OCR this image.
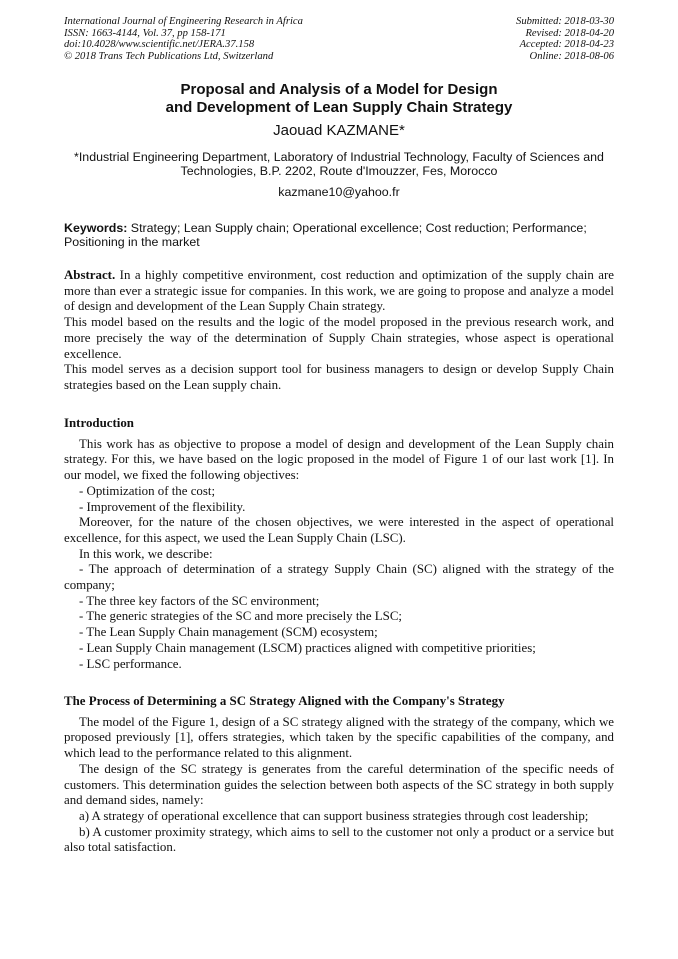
International Journal of Engineering Research in Africa
ISSN: 1663-4144, Vol. 37, pp 158-171
doi:10.4028/www.scientific.net/JERA.37.158
© 2018 Trans Tech Publications Ltd, Switzerland
Submitted: 2018-03-30
Revised: 2018-04-20
Accepted: 2018-04-23
Online: 2018-08-06
Proposal and Analysis of a Model for Design
and Development of Lean Supply Chain Strategy
Jaouad KAZMANE*
*Industrial Engineering Department, Laboratory of Industrial Technology, Faculty of Sciences and
Technologies, B.P. 2202, Route d'Imouzzer, Fes, Morocco
kazmane10@yahoo.fr
Keywords: Strategy; Lean Supply chain; Operational excellence; Cost reduction; Performance; Positioning in the market

Abstract. In a highly competitive environment, cost reduction and optimization of the supply chain are more than ever a strategic issue for companies. In this work, we are going to propose and analyze a model of design and development of the Lean Supply Chain strategy.

This model based on the results and the logic of the model proposed in the previous research work, and more precisely the way of the determination of Supply Chain strategies, whose aspect is operational excellence.

This model serves as a decision support tool for business managers to design or develop Supply Chain strategies based on the Lean supply chain.

Introduction

This work has as objective to propose a model of design and development of the Lean Supply chain strategy. For this, we have based on the logic proposed in the model of Figure 1 of our last work [1]. In our model, we fixed the following objectives:

- Optimization of the cost;

- Improvement of the flexibility.

Moreover, for the nature of the chosen objectives, we were interested in the aspect of operational excellence, for this aspect, we used the Lean Supply Chain (LSC).

In this work, we describe:

- The approach of determination of a strategy Supply Chain (SC) aligned with the strategy of the company;

- The three key factors of the SC environment;

- The generic strategies of the SC and more precisely the LSC;

- The Lean Supply Chain management (SCM) ecosystem;

- Lean Supply Chain management (LSCM) practices aligned with competitive priorities;

- LSC performance.

The Process of Determining a SC Strategy Aligned with the Company's Strategy

The model of the Figure 1, design of a SC strategy aligned with the strategy of the company, which we proposed previously [1], offers strategies, which taken by the specific capabilities of the company, and which lead to the performance related to this alignment.

The design of the SC strategy is generates from the careful determination of the specific needs of customers. This determination guides the selection between both aspects of the SC strategy in both supply and demand sides, namely:

a) A strategy of operational excellence that can support business strategies through cost leadership;

b) A customer proximity strategy, which aims to sell to the customer not only a product or a service but also total satisfaction.
